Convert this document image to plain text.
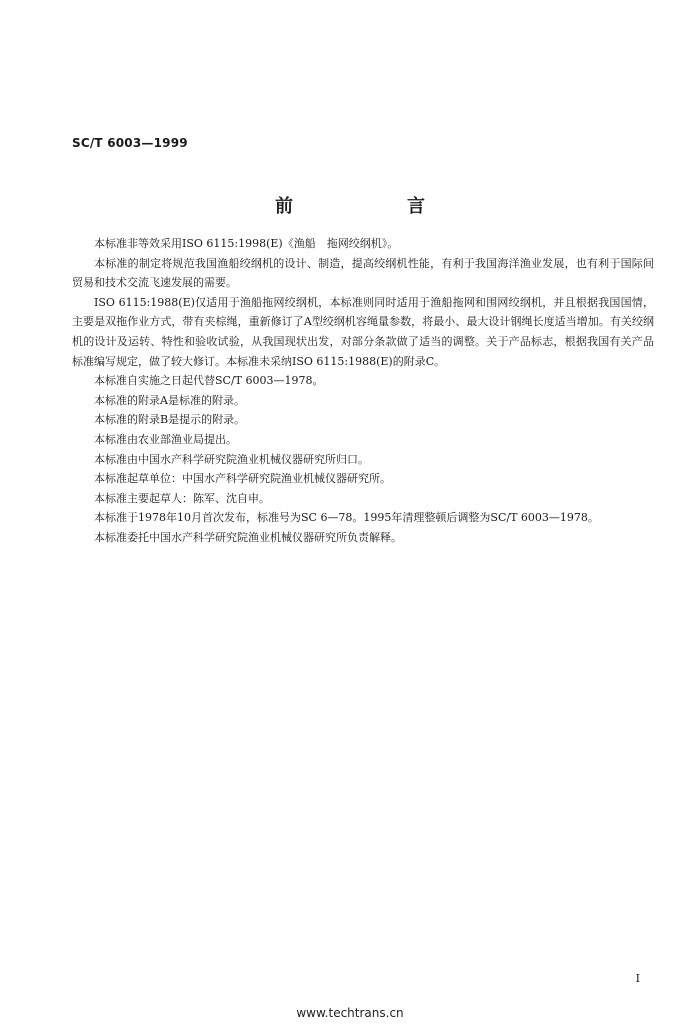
SC/T 6003—1999
前　言

本标准非等效采用ISO 6115:1998(E)《渔船　拖网绞纲机》。

本标准的制定将规范我国渔船绞纲机的设计、制造，提高绞纲机性能，有利于我国海洋渔业发展，也有利于国际间贸易和技术交流飞速发展的需要。

ISO 6115:1988(E)仅适用于渔船拖网绞纲机，本标准则同时适用于渔船拖网和围网绞纲机，并且根据我国国情，主要是双拖作业方式，带有夹棕绳，重新修订了A型绞纲机容绳量参数，将最小、最大设计钢绳长度适当增加。有关绞纲机的设计及运转、特性和验收试验，从我国现状出发，对部分条款做了适当的调整。关于产品标志，根据我国有关产品标准编写规定，做了较大修订。本标准未采纳ISO 6115:1988(E)的附录C。

本标准自实施之日起代替SC/T 6003—1978。

本标准的附录A是标准的附录。

本标准的附录B是提示的附录。

本标准由农业部渔业局提出。

本标准由中国水产科学研究院渔业机械仪器研究所归口。

本标准起草单位：中国水产科学研究院渔业机械仪器研究所。

本标准主要起草人：陈军、沈自申。

本标准于1978年10月首次发布，标准号为SC 6—78。1995年清理整顿后调整为SC/T 6003—1978。

本标准委托中国水产科学研究院渔业机械仪器研究所负责解释。

I
www.techtrans.cn
